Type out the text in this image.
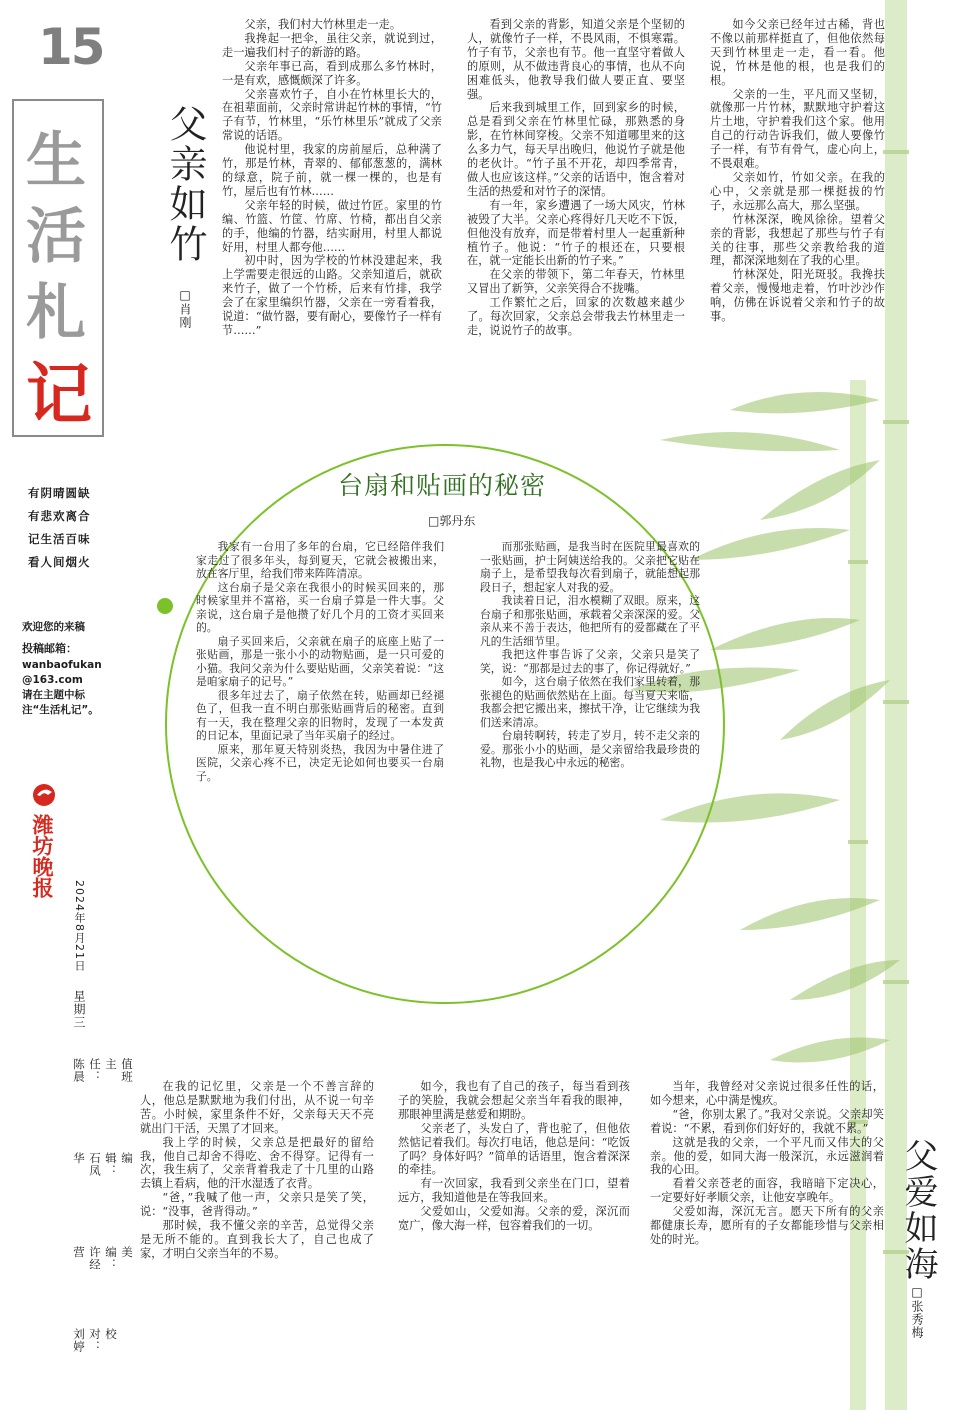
15
生
活
札
记
有阴晴圆缺
有悲欢离合
记生活百味
看人间烟火
欢迎您的来稿
投稿邮箱：
wanbaofukan
@163.com
请在主题中标注“生活札记”。
潍坊晚报
2024年8月21日
星期三
值班主任：陈晨
编辑：石凤华
美编：许经营
校对：刘婷
父亲如竹
□肖刚

父亲，我们村大竹林里走一走。

我搀起一把伞，虽往父亲，就说到过，走一遍我们村子的新游的路。

父亲年事已高，看到成那么多竹林时，一是有欢，感慨颇深了许多。

父亲喜欢竹子，自小在竹林里长大的，在祖辈面前，父亲时常讲起竹林的事情，“竹子有节，竹林里，“乐竹林里乐”就成了父亲常说的话语。

他说村里，我家的房前屋后，总种满了竹，那是竹林，青翠的、郁郁葱葱的，满林的绿意，院子前，就一棵一棵的，也是有竹，屋后也有竹林……

父亲年轻的时候，做过竹匠。家里的竹编、竹篮、竹筐、竹席、竹椅，都出自父亲的手，他编的竹器，结实耐用，村里人都说好用，村里人都夸他……

初中时，因为学校的竹林没建起来，我上学需要走很远的山路。父亲知道后，就砍来竹子，做了一个竹桥，后来有竹排，我学会了在家里编织竹器，父亲在一旁看着我，说道：“做竹器，要有耐心，要像竹子一样有节……”

看到父亲的背影，知道父亲是个坚韧的人，就像竹子一样，不畏风雨，不惧寒霜。竹子有节，父亲也有节。他一直坚守着做人的原则，从不做违背良心的事情，也从不向困难低头，他教导我们做人要正直、要坚强。

后来我到城里工作，回到家乡的时候，总是看到父亲在竹林里忙碌，那熟悉的身影，在竹林间穿梭。父亲不知道哪里来的这么多力气，每天早出晚归，他说竹子就是他的老伙计。“竹子虽不开花，却四季常青，做人也应该这样。”父亲的话语中，饱含着对生活的热爱和对竹子的深情。

有一年，家乡遭遇了一场大风灾，竹林被毁了大半。父亲心疼得好几天吃不下饭，但他没有放弃，而是带着村里人一起重新种植竹子。他说：“竹子的根还在，只要根在，就一定能长出新的竹子来。”

在父亲的带领下，第二年春天，竹林里又冒出了新笋，父亲笑得合不拢嘴。

工作繁忙之后，回家的次数越来越少了。每次回家，父亲总会带我去竹林里走一走，说说竹子的故事。

如今父亲已经年过古稀，背也不像以前那样挺直了，但他依然每天到竹林里走一走，看一看。他说，竹林是他的根，也是我们的根。

父亲的一生，平凡而又坚韧，就像那一片竹林，默默地守护着这片土地，守护着我们这个家。他用自己的行动告诉我们，做人要像竹子一样，有节有骨气，虚心向上，不畏艰难。

父亲如竹，竹如父亲。在我的心中，父亲就是那一棵挺拔的竹子，永远那么高大，那么坚强。

竹林深深，晚风徐徐。望着父亲的背影，我想起了那些与竹子有关的往事，那些父亲教给我的道理，都深深地刻在了我的心里。

竹林深处，阳光斑驳。我搀扶着父亲，慢慢地走着，竹叶沙沙作响，仿佛在诉说着父亲和竹子的故事。

台扇和贴画的秘密
□郭丹东

我家有一台用了多年的台扇，它已经陪伴我们家走过了很多年头，每到夏天，它就会被搬出来，放在客厅里，给我们带来阵阵清凉。

这台扇子是父亲在我很小的时候买回来的，那时候家里并不富裕，买一台扇子算是一件大事。父亲说，这台扇子是他攒了好几个月的工资才买回来的。

扇子买回来后，父亲就在扇子的底座上贴了一张贴画，那是一张小小的动物贴画，是一只可爱的小猫。我问父亲为什么要贴贴画，父亲笑着说：“这是咱家扇子的记号。”

很多年过去了，扇子依然在转，贴画却已经褪色了，但我一直不明白那张贴画背后的秘密。直到有一天，我在整理父亲的旧物时，发现了一本发黄的日记本，里面记录了当年买扇子的经过。

原来，那年夏天特别炎热，我因为中暑住进了医院，父亲心疼不已，决定无论如何也要买一台扇子。

而那张贴画，是我当时在医院里最喜欢的一张贴画，护士阿姨送给我的。父亲把它贴在扇子上，是希望我每次看到扇子，就能想起那段日子，想起家人对我的爱。

我读着日记，泪水模糊了双眼。原来，这台扇子和那张贴画，承载着父亲深深的爱。父亲从来不善于表达，他把所有的爱都藏在了平凡的生活细节里。

我把这件事告诉了父亲，父亲只是笑了笑，说：“那都是过去的事了，你记得就好。”

如今，这台扇子依然在我们家里转着，那张褪色的贴画依然贴在上面。每当夏天来临，我都会把它搬出来，擦拭干净，让它继续为我们送来清凉。

台扇转啊转，转走了岁月，转不走父亲的爱。那张小小的贴画，是父亲留给我最珍贵的礼物，也是我心中永远的秘密。

在我的记忆里，父亲是一个不善言辞的人，他总是默默地为我们付出，从不说一句辛苦。小时候，家里条件不好，父亲每天天不亮就出门干活，天黑了才回来。

我上学的时候，父亲总是把最好的留给我，他自己却舍不得吃、舍不得穿。记得有一次，我生病了，父亲背着我走了十几里的山路去镇上看病，他的汗水湿透了衣背。

“爸，”我喊了他一声，父亲只是笑了笑，说：“没事，爸背得动。”

那时候，我不懂父亲的辛苦，总觉得父亲是无所不能的。直到我长大了，自己也成了家，才明白父亲当年的不易。

如今，我也有了自己的孩子，每当看到孩子的笑脸，我就会想起父亲当年看我的眼神，那眼神里满是慈爱和期盼。

父亲老了，头发白了，背也驼了，但他依然惦记着我们。每次打电话，他总是问：“吃饭了吗？身体好吗？”简单的话语里，饱含着深深的牵挂。

有一次回家，我看到父亲坐在门口，望着远方，我知道他是在等我回来。

父爱如山，父爱如海。父亲的爱，深沉而宽广，像大海一样，包容着我们的一切。

当年，我曾经对父亲说过很多任性的话，如今想来，心中满是愧疚。

“爸，你别太累了。”我对父亲说。父亲却笑着说：“不累，看到你们好好的，我就不累。”

这就是我的父亲，一个平凡而又伟大的父亲。他的爱，如同大海一般深沉，永远滋润着我的心田。

看着父亲苍老的面容，我暗暗下定决心，一定要好好孝顺父亲，让他安享晚年。

父爱如海，深沉无言。愿天下所有的父亲都健康长寿，愿所有的子女都能珍惜与父亲相处的时光。	父爱如海
□张秀梅
